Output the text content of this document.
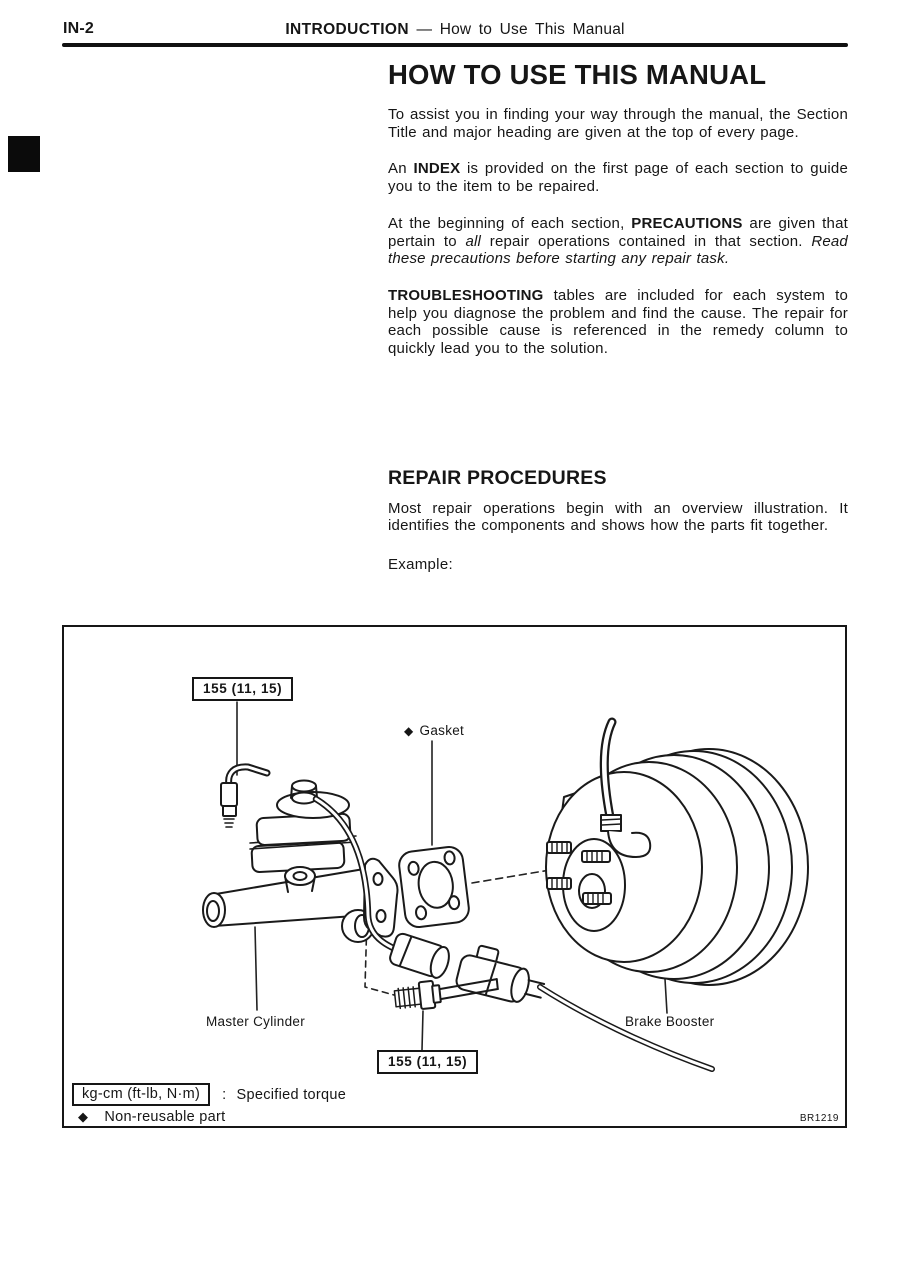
IN-2	INTRODUCTION — How to Use This Manual
HOW TO USE THIS MANUAL

To assist you in finding your way through the manual, the Section Title and major heading are given at the top of every page.

An INDEX is provided on the first page of each section to guide you to the item to be repaired.

At the beginning of each section, PRECAUTIONS are given that pertain to all repair operations contained in that section. Read these precautions before starting any repair task.

TROUBLESHOOTING tables are included for each system to help you diagnose the problem and find the cause. The repair for each possible cause is referenced in the remedy column to quickly lead you to the solution.

REPAIR PROCEDURES

Most repair operations begin with an overview illustration. It identifies the components and shows how the parts fit together.

Example:
155 (11, 15)
◆ Gasket
Master Cylinder	Brake Booster
155 (11, 15)
kg-cm (ft-lb, N·m)	: Specified torque
◆ Non-reusable part	BR1219
